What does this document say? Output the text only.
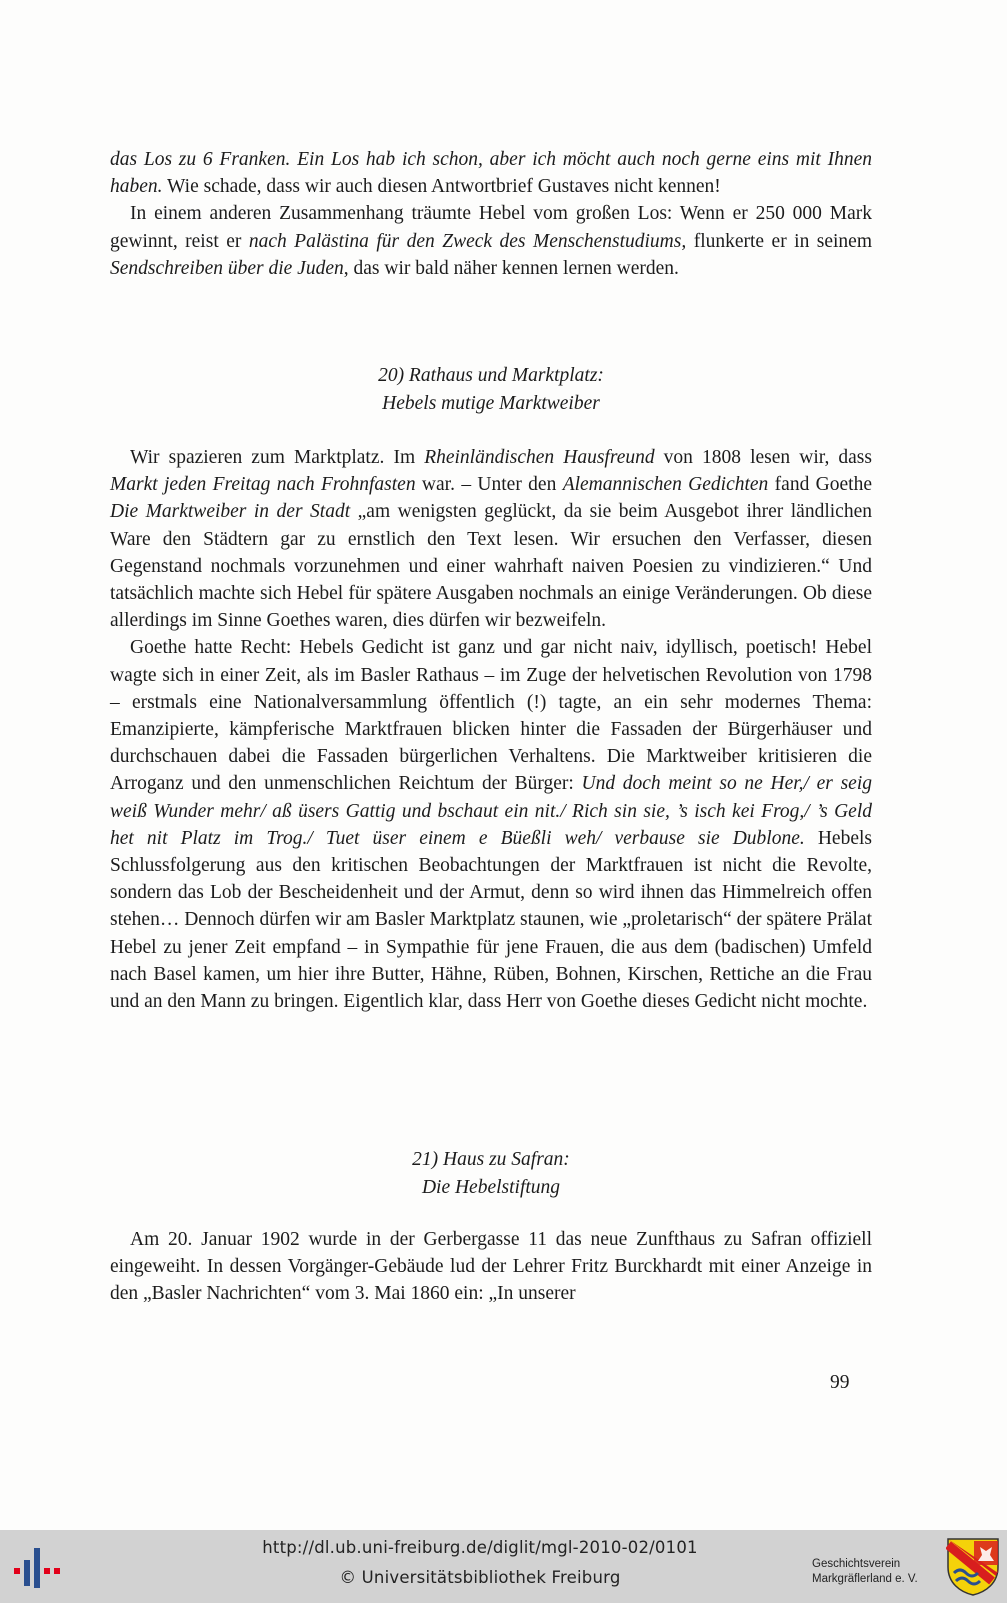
das Los zu 6 Franken. Ein Los hab ich schon, aber ich möcht auch noch gerne eins mit Ihnen haben. Wie schade, dass wir auch diesen Antwortbrief Gustaves nicht kennen!

In einem anderen Zusammenhang träumte Hebel vom großen Los: Wenn er 250 000 Mark gewinnt, reist er nach Palästina für den Zweck des Menschenstudiums, flunkerte er in seinem Sendschreiben über die Juden, das wir bald näher kennen lernen werden.

20) Rathaus und Marktplatz:
Hebels mutige Marktweiber

Wir spazieren zum Marktplatz. Im Rheinländischen Hausfreund von 1808 lesen wir, dass Markt jeden Freitag nach Frohnfasten war. – Unter den Alemannischen Gedichten fand Goethe Die Marktweiber in der Stadt „am wenigsten geglückt, da sie beim Ausgebot ihrer ländlichen Ware den Städtern gar zu ernstlich den Text lesen. Wir ersuchen den Verfasser, diesen Gegenstand nochmals vorzunehmen und einer wahrhaft naiven Poesien zu vindizieren.“ Und tatsächlich machte sich Hebel für spätere Ausgaben nochmals an einige Veränderungen. Ob diese allerdings im Sinne Goethes waren, dies dürfen wir bezweifeln.

Goethe hatte Recht: Hebels Gedicht ist ganz und gar nicht naiv, idyllisch, poetisch! Hebel wagte sich in einer Zeit, als im Basler Rathaus – im Zuge der helvetischen Revolution von 1798 – erstmals eine Nationalversammlung öffentlich (!) tagte, an ein sehr modernes Thema: Emanzipierte, kämpferische Marktfrauen blicken hinter die Fassaden der Bürgerhäuser und durchschauen dabei die Fassaden bürgerlichen Verhaltens. Die Marktweiber kritisieren die Arroganz und den unmenschlichen Reichtum der Bürger: Und doch meint so ne Her,/ er seig weiß Wunder mehr/ aß üsers Gattig und bschaut ein nit./ Rich sin sie, ’s isch kei Frog,/ ’s Geld het nit Platz im Trog./ Tuet üser einem e Büeßli weh/ verbause sie Dublone. Hebels Schlussfolgerung aus den kritischen Beobachtungen der Marktfrauen ist nicht die Revolte, sondern das Lob der Bescheidenheit und der Armut, denn so wird ihnen das Himmelreich offen stehen… Dennoch dürfen wir am Basler Marktplatz staunen, wie „proletarisch“ der spätere Prälat Hebel zu jener Zeit empfand – in Sympathie für jene Frauen, die aus dem (badischen) Umfeld nach Basel kamen, um hier ihre Butter, Hähne, Rüben, Bohnen, Kirschen, Rettiche an die Frau und an den Mann zu bringen. Eigentlich klar, dass Herr von Goethe dieses Gedicht nicht mochte.

21) Haus zu Safran:
Die Hebelstiftung

Am 20. Januar 1902 wurde in der Gerbergasse 11 das neue Zunfthaus zu Safran offiziell eingeweiht. In dessen Vorgänger-Gebäude lud der Lehrer Fritz Burckhardt mit einer Anzeige in den „Basler Nachrichten“ vom 3. Mai 1860 ein: „In unserer

99
http://dl.ub.uni-freiburg.de/diglit/mgl-2010-02/0101
© Universitätsbibliothek Freiburg
Geschichtsverein
Markgräflerland e. V.
